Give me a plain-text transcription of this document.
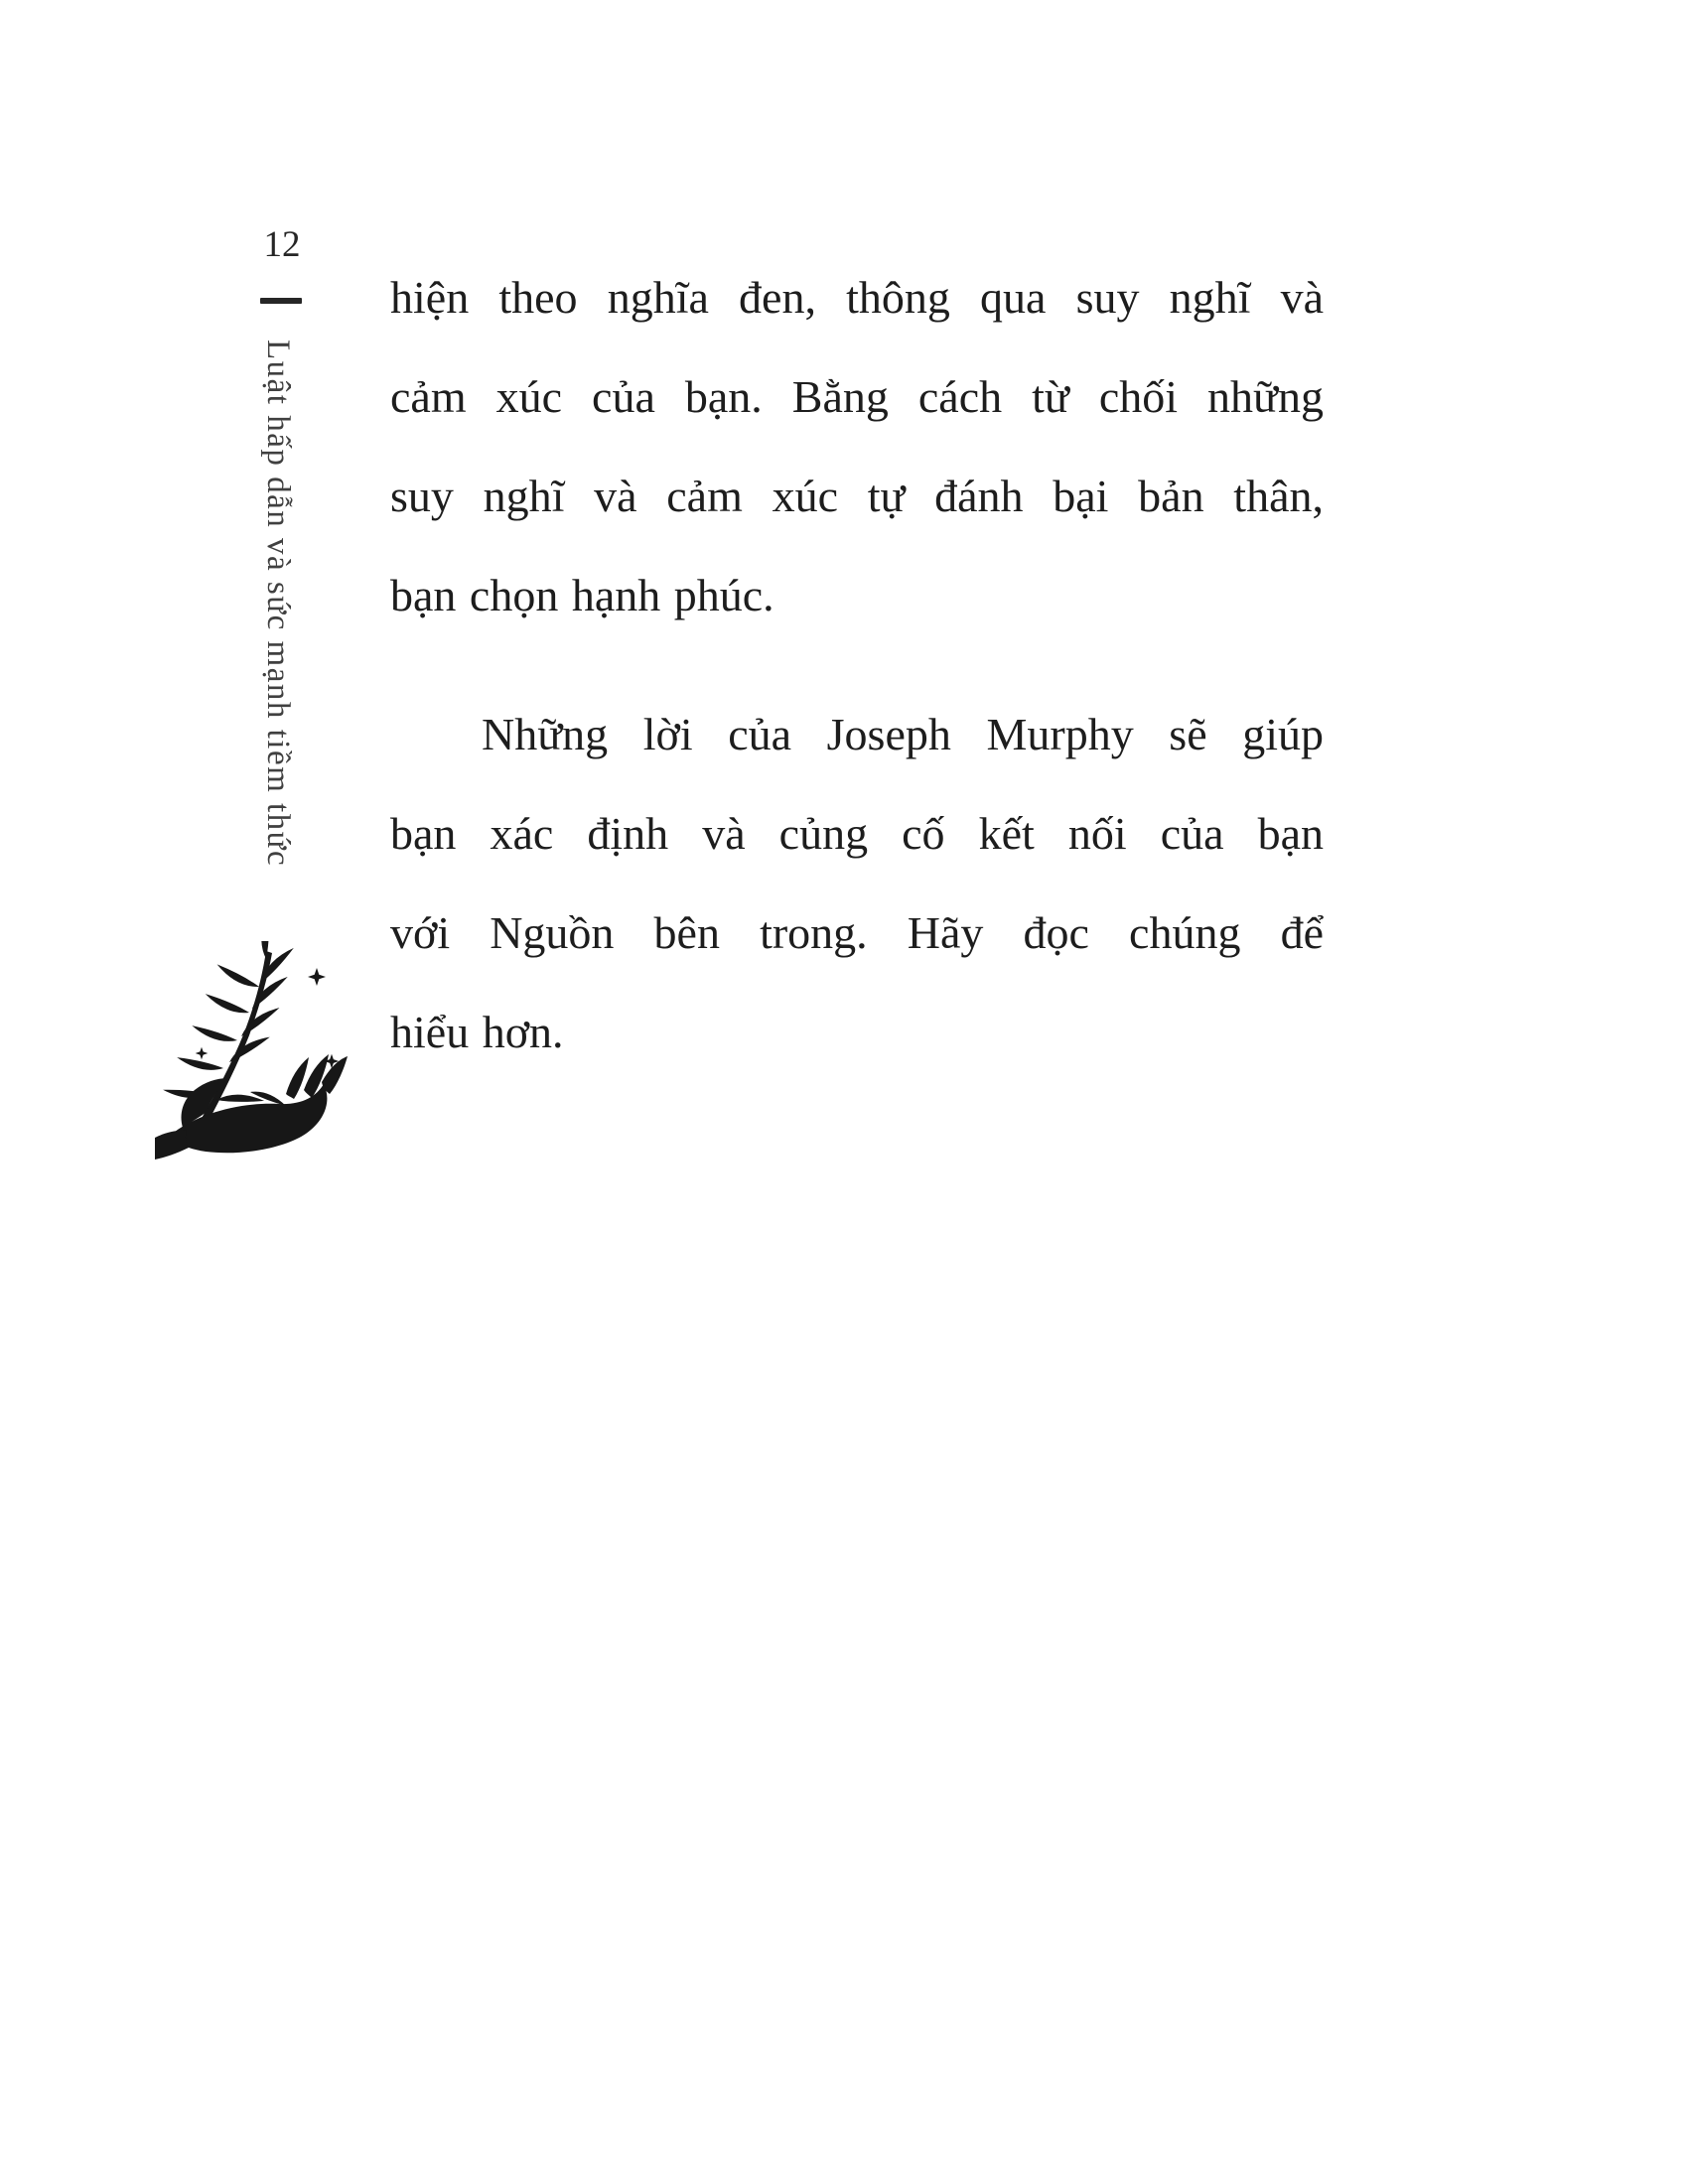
12
Luật hấp dẫn và sức mạnh tiềm thức
hiện theo nghĩa đen, thông qua suy nghĩ và
cảm xúc của bạn. Bằng cách từ chối những
suy nghĩ và cảm xúc tự đánh bại bản thân,
bạn chọn hạnh phúc.
Những lời của Joseph Murphy sẽ giúp
bạn xác định và củng cố kết nối của bạn
với Nguồn bên trong. Hãy đọc chúng để
hiểu hơn.
